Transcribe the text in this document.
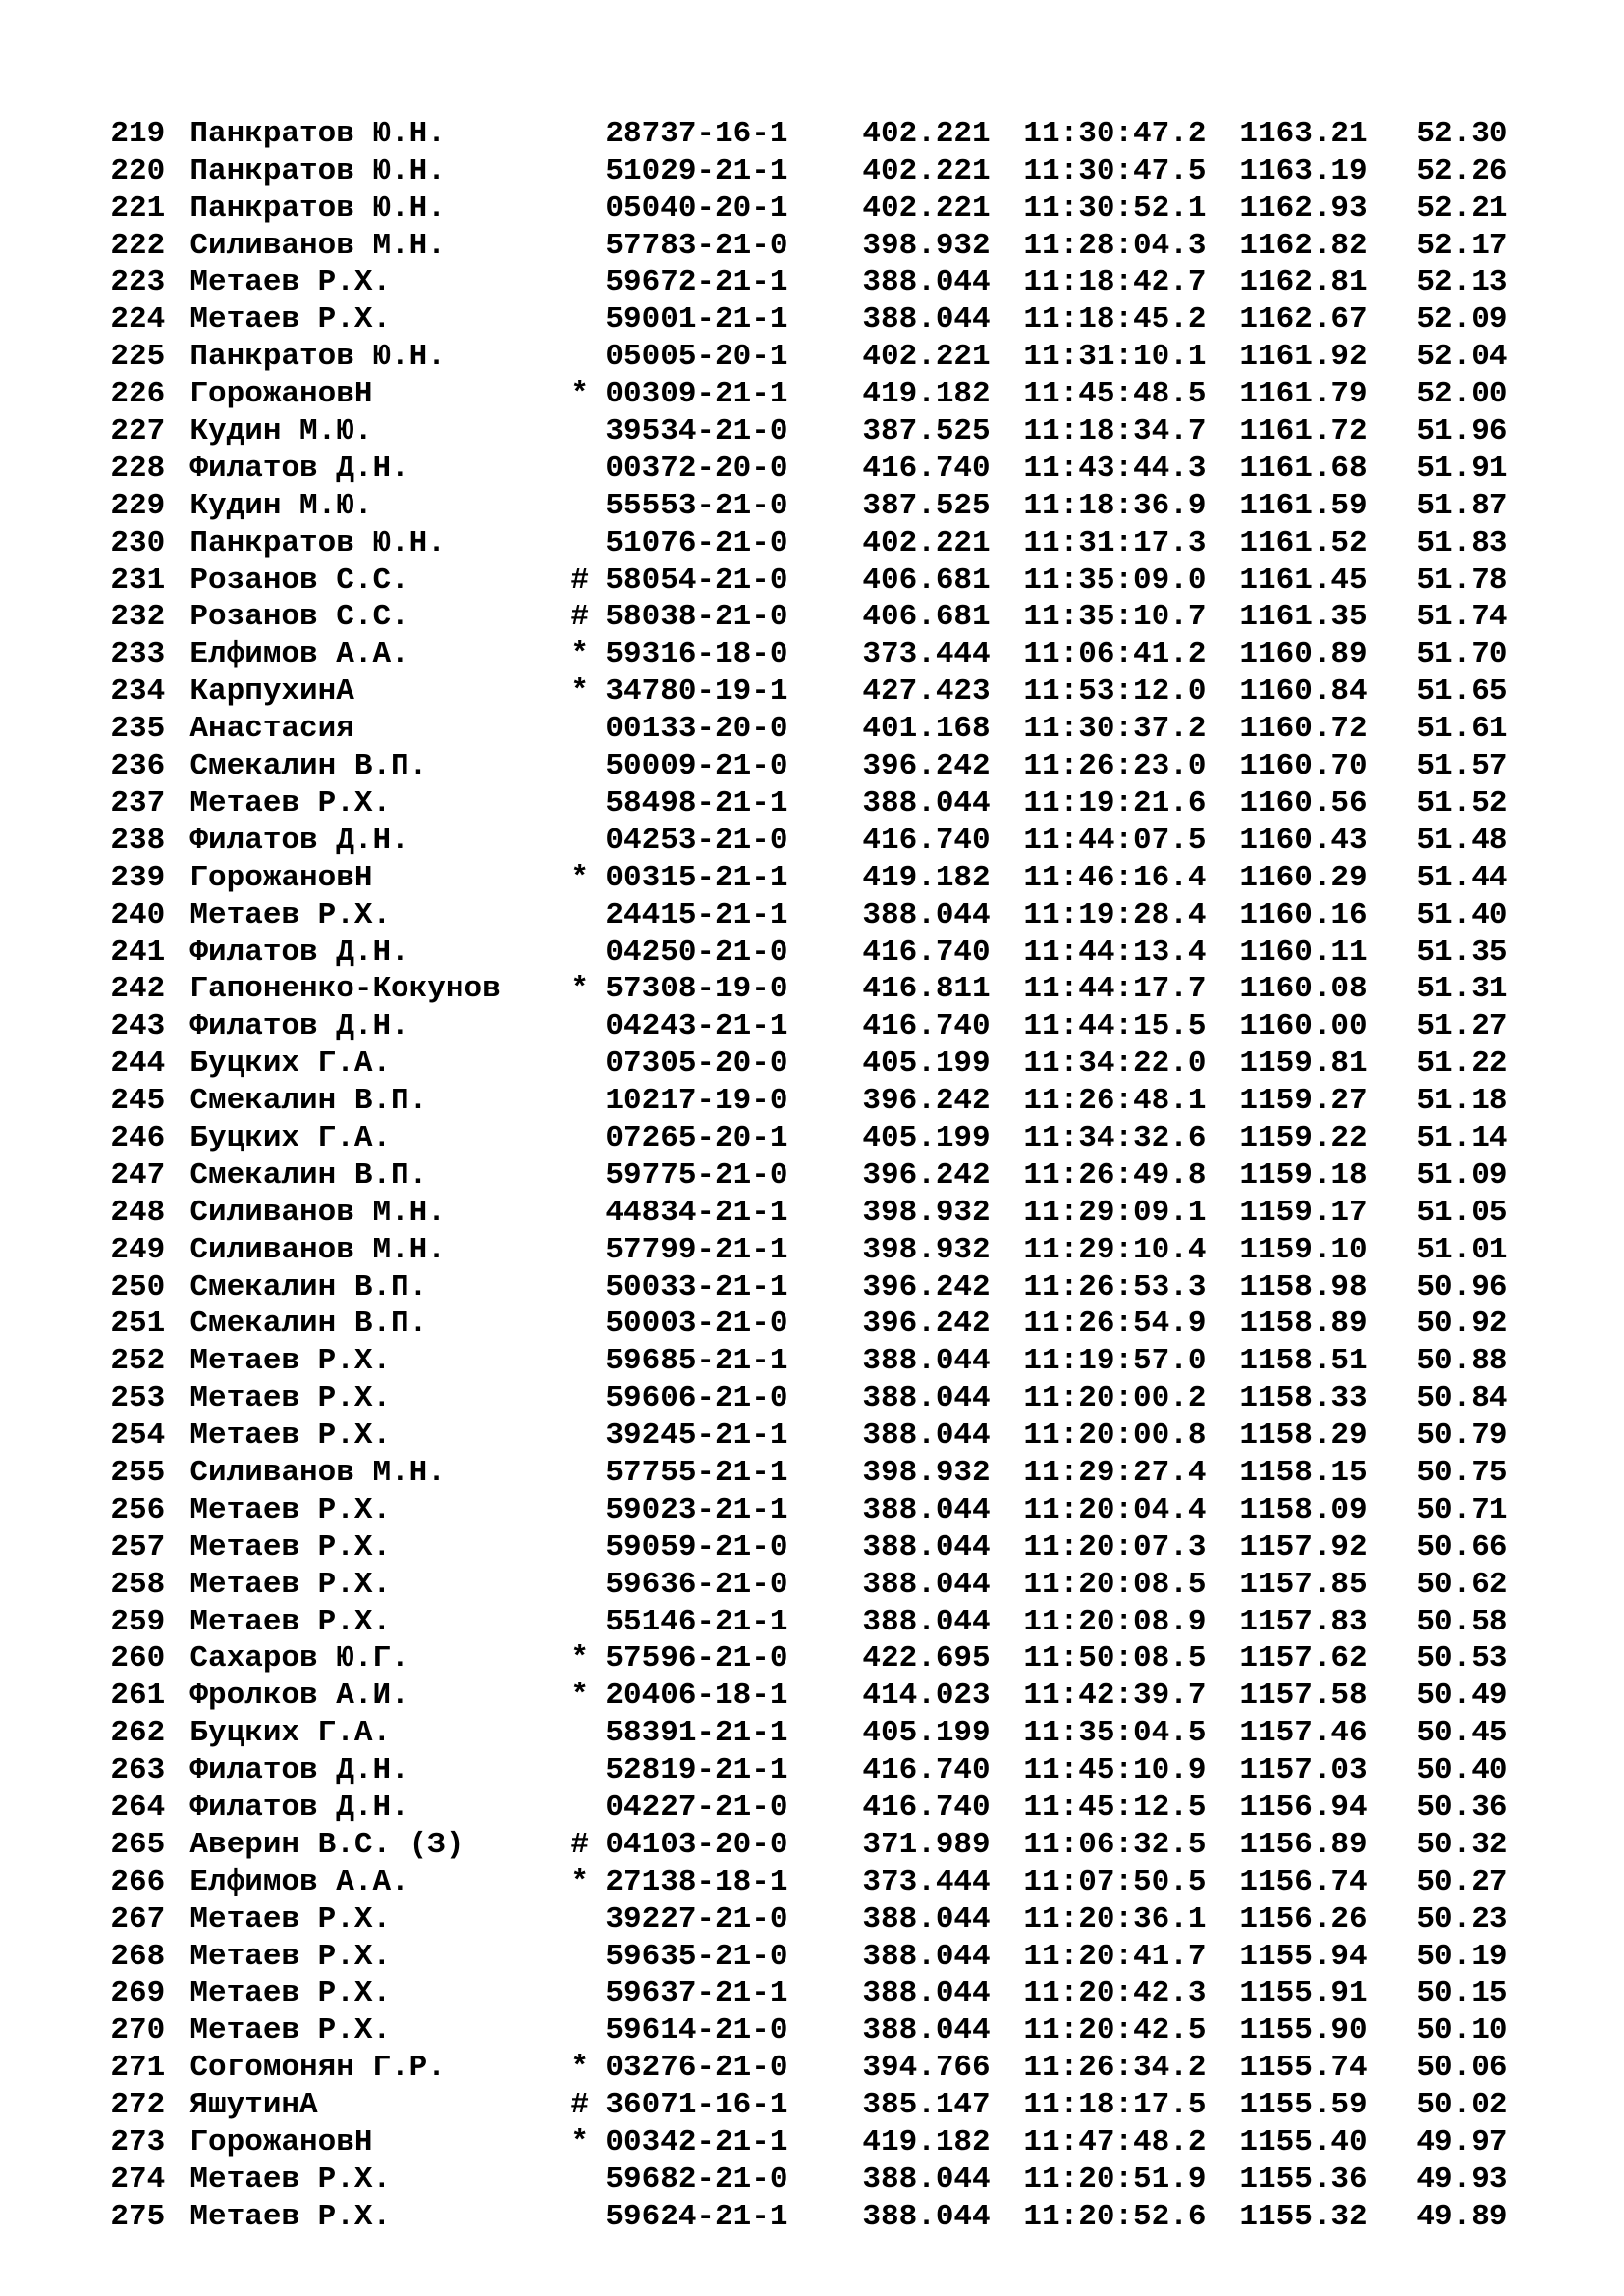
219 Панкратов Ю.Н.	28737-16-1 402.221 11:30:47.2 1163.21 52.30

220 Панкратов Ю.Н.	51029-21-1 402.221 11:30:47.5 1163.19 52.26

221 Панкратов Ю.Н.	05040-20-1 402.221 11:30:52.1 1162.93 52.21

222 Силиванов М.Н.	57783-21-0 398.932 11:28:04.3 1162.82 52.17

223 Метаев Р.Х.	59672-21-1 388.044 11:18:42.7 1162.81 52.13

224 Метаев Р.Х.	59001-21-1 388.044 11:18:45.2 1162.67 52.09

225 Панкратов Ю.Н.	05005-20-1 402.221 11:31:10.1 1161.92 52.04

226 ГорожановН	* 00309-21-1 419.182 11:45:48.5 1161.79 52.00

227 Кудин М.Ю.	39534-21-0 387.525 11:18:34.7 1161.72 51.96

228 Филатов Д.Н.	00372-20-0 416.740 11:43:44.3 1161.68 51.91

229 Кудин М.Ю.	55553-21-0 387.525 11:18:36.9 1161.59 51.87

230 Панкратов Ю.Н.	51076-21-0 402.221 11:31:17.3 1161.52 51.83

231 Розанов С.С.	# 58054-21-0 406.681 11:35:09.0 1161.45 51.78

232 Розанов С.С.	# 58038-21-0 406.681 11:35:10.7 1161.35 51.74

233 Елфимов А.А.	* 59316-18-0 373.444 11:06:41.2 1160.89 51.70

234 КарпухинА	* 34780-19-1 427.423 11:53:12.0 1160.84 51.65

235 Анастасия	00133-20-0 401.168 11:30:37.2 1160.72 51.61

236 Смекалин В.П.	50009-21-0 396.242 11:26:23.0 1160.70 51.57

237 Метаев Р.Х.	58498-21-1 388.044 11:19:21.6 1160.56 51.52

238 Филатов Д.Н.	04253-21-0 416.740 11:44:07.5 1160.43 51.48

239 ГорожановН	* 00315-21-1 419.182 11:46:16.4 1160.29 51.44

240 Метаев Р.Х.	24415-21-1 388.044 11:19:28.4 1160.16 51.40

241 Филатов Д.Н.	04250-21-0 416.740 11:44:13.4 1160.11 51.35

242 Гапоненко-Кокунов * 57308-19-0 416.811 11:44:17.7 1160.08 51.31

243 Филатов Д.Н.	04243-21-1 416.740 11:44:15.5 1160.00 51.27

244 Буцких Г.А.	07305-20-0 405.199 11:34:22.0 1159.81 51.22

245 Смекалин В.П.	10217-19-0 396.242 11:26:48.1 1159.27 51.18

246 Буцких Г.А.	07265-20-1 405.199 11:34:32.6 1159.22 51.14

247 Смекалин В.П.	59775-21-0 396.242 11:26:49.8 1159.18 51.09

248 Силиванов М.Н.	44834-21-1 398.932 11:29:09.1 1159.17 51.05

249 Силиванов М.Н.	57799-21-1 398.932 11:29:10.4 1159.10 51.01

250 Смекалин В.П.	50033-21-1 396.242 11:26:53.3 1158.98 50.96

251 Смекалин В.П.	50003-21-0 396.242 11:26:54.9 1158.89 50.92

252 Метаев Р.Х.	59685-21-1 388.044 11:19:57.0 1158.51 50.88

253 Метаев Р.Х.	59606-21-0 388.044 11:20:00.2 1158.33 50.84

254 Метаев Р.Х.	39245-21-1 388.044 11:20:00.8 1158.29 50.79

255 Силиванов М.Н.	57755-21-1 398.932 11:29:27.4 1158.15 50.75

256 Метаев Р.Х.	59023-21-1 388.044 11:20:04.4 1158.09 50.71

257 Метаев Р.Х.	59059-21-0 388.044 11:20:07.3 1157.92 50.66

258 Метаев Р.Х.	59636-21-0 388.044 11:20:08.5 1157.85 50.62

259 Метаев Р.Х.	55146-21-1 388.044 11:20:08.9 1157.83 50.58

260 Сахаров Ю.Г.	* 57596-21-0 422.695 11:50:08.5 1157.62 50.53

261 Фролков А.И.	* 20406-18-1 414.023 11:42:39.7 1157.58 50.49

262 Буцких Г.А.	58391-21-1 405.199 11:35:04.5 1157.46 50.45

263 Филатов Д.Н.	52819-21-1 416.740 11:45:10.9 1157.03 50.40

264 Филатов Д.Н.	04227-21-0 416.740 11:45:12.5 1156.94 50.36

265 Аверин В.С. (З)	# 04103-20-0 371.989 11:06:32.5 1156.89 50.32

266 Елфимов А.А.	* 27138-18-1 373.444 11:07:50.5 1156.74 50.27

267 Метаев Р.Х.	39227-21-0 388.044 11:20:36.1 1156.26 50.23

268 Метаев Р.Х.	59635-21-0 388.044 11:20:41.7 1155.94 50.19

269 Метаев Р.Х.	59637-21-1 388.044 11:20:42.3 1155.91 50.15

270 Метаев Р.Х.	59614-21-0 388.044 11:20:42.5 1155.90 50.10

271 Согомонян Г.Р.	* 03276-21-0 394.766 11:26:34.2 1155.74 50.06

272 ЯшутинА	# 36071-16-1 385.147 11:18:17.5 1155.59 50.02

273 ГорожановН	* 00342-21-1 419.182 11:47:48.2 1155.40 49.97

274 Метаев Р.Х.	59682-21-0 388.044 11:20:51.9 1155.36 49.93

275 Метаев Р.Х.	59624-21-1 388.044 11:20:52.6 1155.32 49.89
